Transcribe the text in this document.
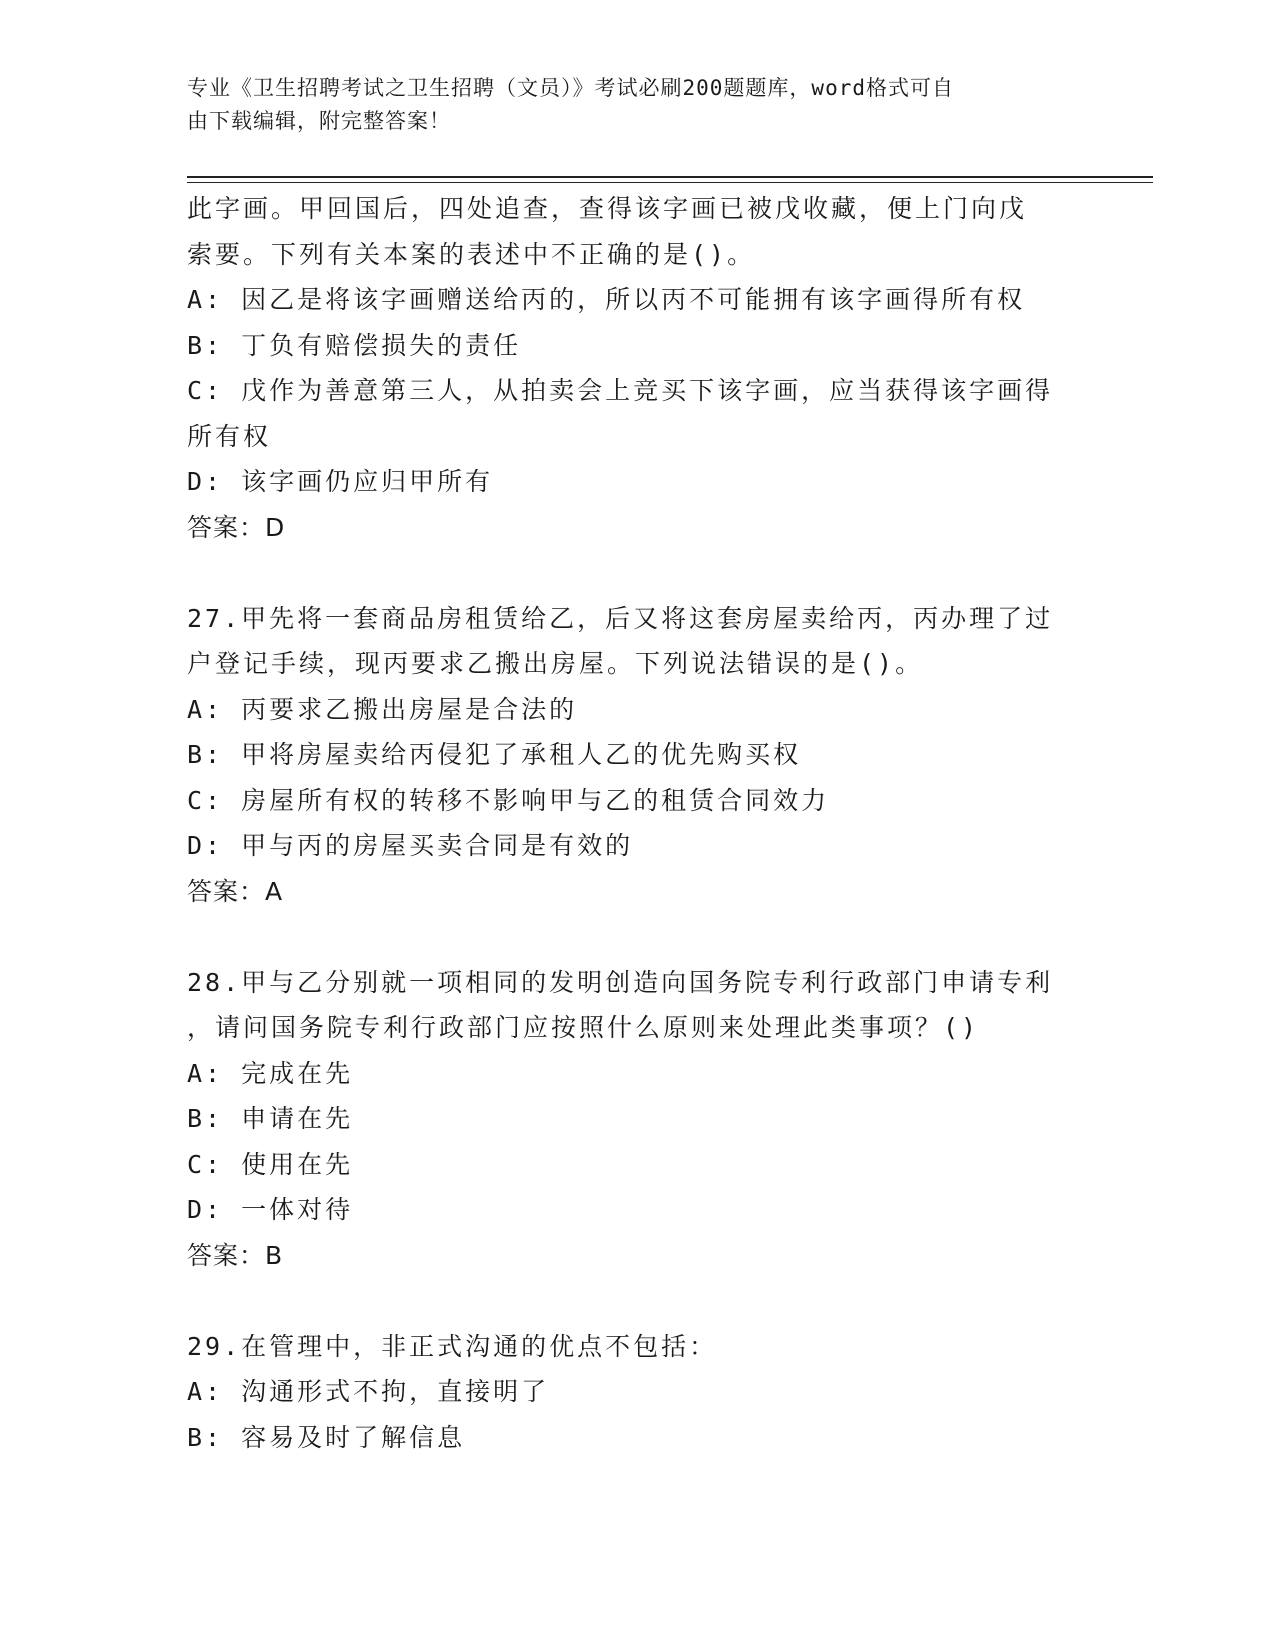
专业《卫生招聘考试之卫生招聘（文员）》考试必刷200题题库，word格式可自
由下载编辑，附完整答案！
此字画。甲回国后，四处追查，查得该字画已被戊收藏，便上门向戊
索要。下列有关本案的表述中不正确的是()。
A: 因乙是将该字画赠送给丙的，所以丙不可能拥有该字画得所有权
B: 丁负有赔偿损失的责任
C: 戊作为善意第三人，从拍卖会上竞买下该字画，应当获得该字画得
所有权
D: 该字画仍应归甲所有
答案：D
27.甲先将一套商品房租赁给乙，后又将这套房屋卖给丙，丙办理了过
户登记手续，现丙要求乙搬出房屋。下列说法错误的是()。
A: 丙要求乙搬出房屋是合法的
B: 甲将房屋卖给丙侵犯了承租人乙的优先购买权
C: 房屋所有权的转移不影响甲与乙的租赁合同效力
D: 甲与丙的房屋买卖合同是有效的
答案：A
28.甲与乙分别就一项相同的发明创造向国务院专利行政部门申请专利
，请问国务院专利行政部门应按照什么原则来处理此类事项？()
A: 完成在先
B: 申请在先
C: 使用在先
D: 一体对待
答案：B
29.在管理中，非正式沟通的优点不包括：
A: 沟通形式不拘，直接明了
B: 容易及时了解信息
